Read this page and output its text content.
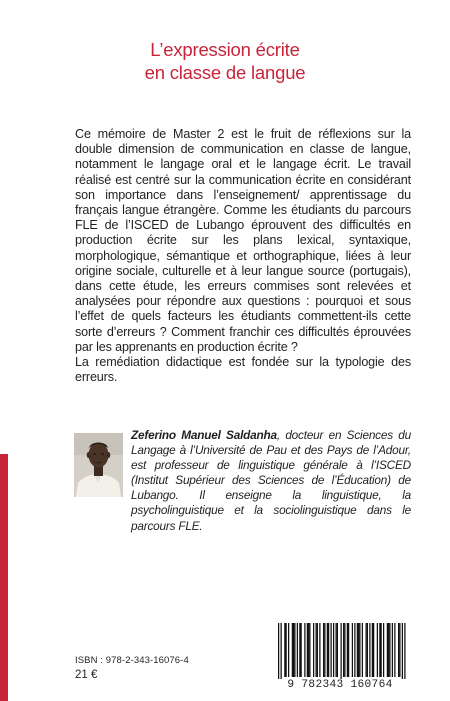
L’expression écrite
en classe de langue

Ce mémoire de Master 2 est le fruit de réflexions sur la double dimension de communication en classe de langue, notamment le langage oral et le langage écrit. Le travail réalisé est centré sur la communication écrite en considérant son importance dans l’enseignement/ apprentissage du français langue étrangère. Comme les étudiants du parcours FLE de l’ISCED de Lubango éprouvent des difficultés en production écrite sur les plans lexical, syntaxique, morphologique, sémantique et orthographique, liées à leur origine sociale, culturelle et à leur langue source (portugais), dans cette étude, les erreurs commises sont relevées et analysées pour répondre aux questions : pourquoi et sous l’effet de quels facteurs les étudiants commettent-ils cette sorte d’erreurs ? Comment franchir ces difficultés éprouvées par les apprenants en production écrite ?

La remédiation didactique est fondée sur la typologie des erreurs.

Zeferino Manuel Saldanha, docteur en Sciences du Langage à l’Université de Pau et des Pays de l’Adour, est professeur de linguistique générale à l’ISCED (Institut Supérieur des Sciences de l’Éducation) de Lubango. Il enseigne la linguistique, la psycholinguistique et la sociolinguistique dans le parcours FLE.
ISBN : 978-2-343-16076-4
21 €
9 782343 160764
